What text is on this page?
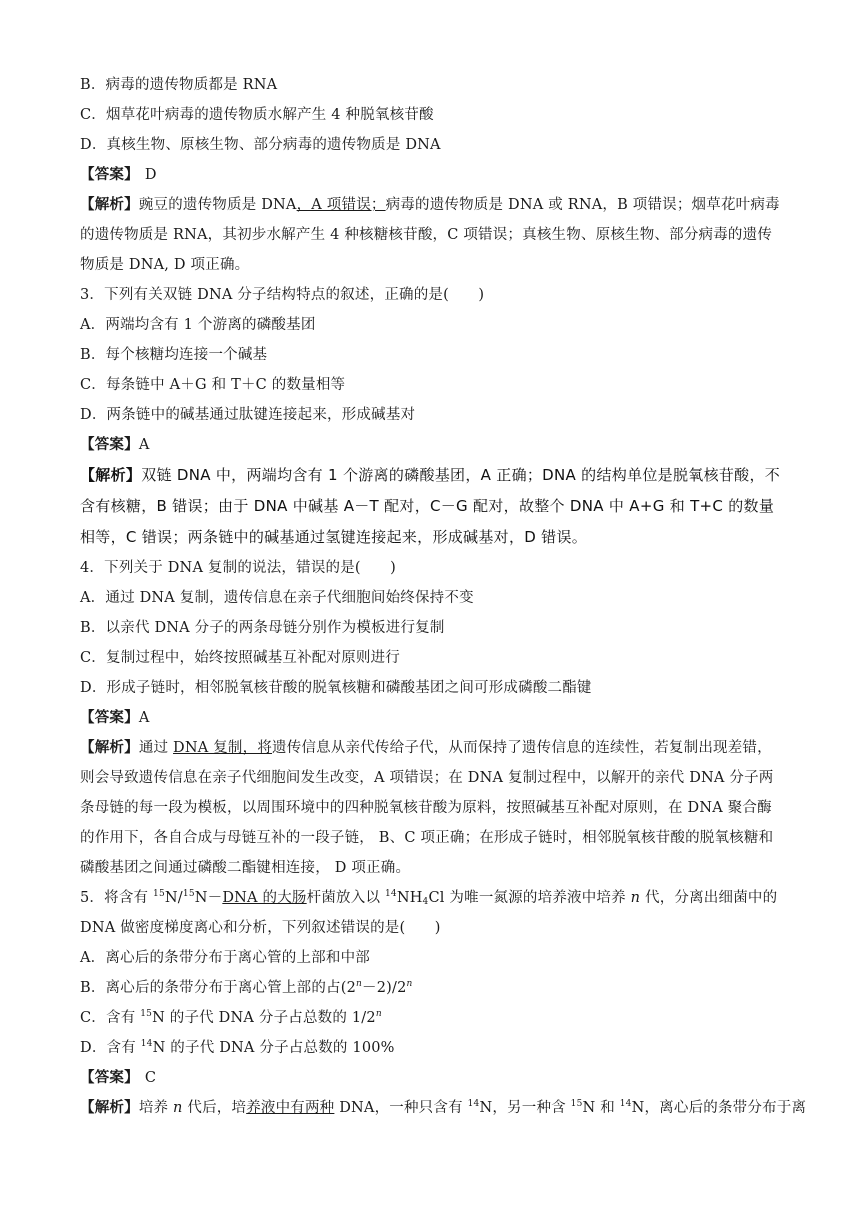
B．病毒的遗传物质都是 RNA
C．烟草花叶病毒的遗传物质水解产生 4 种脱氧核苷酸
D．真核生物、原核生物、部分病毒的遗传物质是 DNA
【答案】 D
【解析】豌豆的遗传物质是 DNA，A 项错误；病毒的遗传物质是 DNA 或 RNA，B 项错误；烟草花叶病毒的遗传物质是 RNA，其初步水解产生 4 种核糖核苷酸，C 项错误；真核生物、原核生物、部分病毒的遗传物质是 DNA, D 项正确。
3．下列有关双链 DNA 分子结构特点的叙述，正确的是(　　)
A．两端均含有 1 个游离的磷酸基团
B．每个核糖均连接一个碱基
C．每条链中 A＋G 和 T＋C 的数量相等
D．两条链中的碱基通过肽键连接起来，形成碱基对
【答案】A
【解析】双链 DNA 中，两端均含有 1 个游离的磷酸基团，A 正确；DNA 的结构单位是脱氧核苷酸，不含有核糖，B 错误；由于 DNA 中碱基 A－T 配对，C－G 配对，故整个 DNA 中 A+G 和 T+C 的数量相等，C 错误；两条链中的碱基通过氢键连接起来，形成碱基对，D 错误。
4．下列关于 DNA 复制的说法，错误的是(　　)
A．通过 DNA 复制，遗传信息在亲子代细胞间始终保持不变
B．以亲代 DNA 分子的两条母链分别作为模板进行复制
C．复制过程中，始终按照碱基互补配对原则进行
D．形成子链时，相邻脱氧核苷酸的脱氧核糖和磷酸基团之间可形成磷酸二酯键
【答案】A
【解析】通过 DNA 复制，将遗传信息从亲代传给子代，从而保持了遗传信息的连续性，若复制出现差错，则会导致遗传信息在亲子代细胞间发生改变，A 项错误；在 DNA 复制过程中，以解开的亲代 DNA 分子两条母链的每一段为模板，以周围环境中的四种脱氧核苷酸为原料，按照碱基互补配对原则，在 DNA 聚合酶的作用下，各自合成与母链互补的一段子链， B、C 项正确；在形成子链时，相邻脱氧核苷酸的脱氧核糖和磷酸基团之间通过磷酸二酯键相连接， D 项正确。
5．将含有 $^{15}$N/$^{15}$N－DNA 的大肠杆菌放入以 $^{14}NH_4Cl$ 为唯一氮源的培养液中培养 n 代，分离出细菌中的 DNA 做密度梯度离心和分析，下列叙述错误的是(　　)
A．离心后的条带分布于离心管的上部和中部
B．离心后的条带分布于离心管上部的占$(2^n-2)/2^n$
C．含有 $^{15}$N 的子代 DNA 分子占总数的 1/2$^n$
D．含有 $^{14}$N 的子代 DNA 分子占总数的 100%
【答案】 C
【解析】培养 n 代后，培养液中有两种 DNA，一种只含有 $^{14}$N，另一种含 $^{15}$N 和 $^{14}$N，离心后的条带分布于离
